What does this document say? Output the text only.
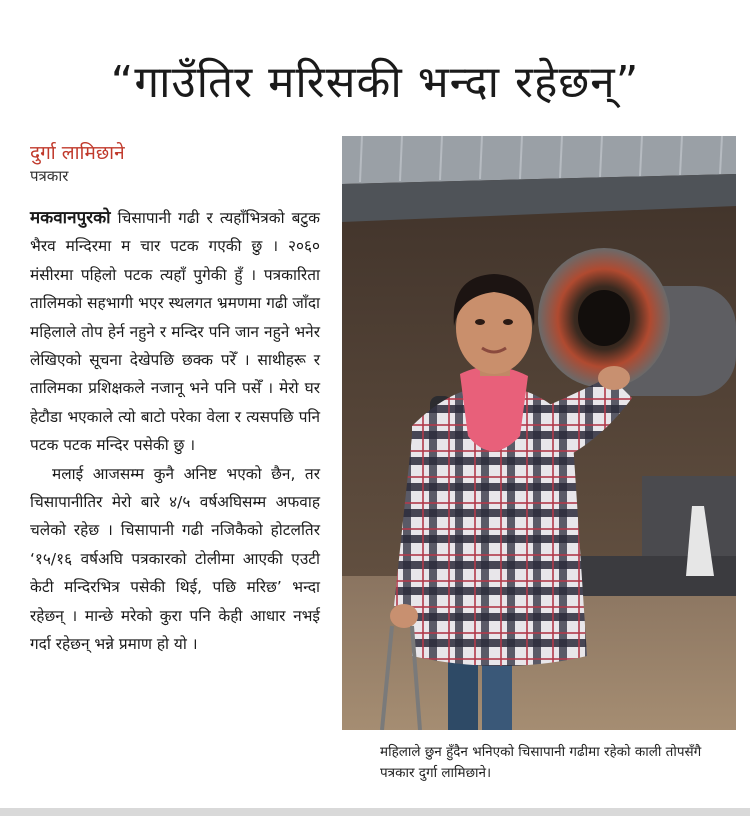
“गाउँतिर मरिसकी भन्दा रहेछन्”
दुर्गा लामिछाने
पत्रकार

मकवानपुरको चिसापानी गढी र त्यहाँभित्रको बटुक भैरव मन्दिरमा म चार पटक गएकी छु । २०६० मंसीरमा पहिलो पटक त्यहाँ पुगेकी हुँ । पत्रकारिता तालिमको सहभागी भएर स्थलगत भ्रमणमा गढी जाँदा महिलाले तोप हेर्न नहुने र मन्दिर पनि जान नहुने भनेर लेखिएको सूचना देखेपछि छक्क परेँ । साथीहरू र तालिमका प्रशिक्षकले नजानू भने पनि पसेँ । मेरो घर हेटौडा भएकाले त्यो बाटो परेका वेला र त्यसपछि पनि पटक पटक मन्दिर पसेकी छु ।

मलाई आजसम्म कुनै अनिष्ट भएको छैन, तर चिसापानीतिर मेरो बारे ४/५ वर्षअघिसम्म अफवाह चलेको रहेछ । चिसापानी गढी नजिकैको होटलतिर ‘१५/१६ वर्षअघि पत्रकारको टोलीमा आएकी एउटी केटी मन्दिरभित्र पसेकी थिई, पछि मरिछ’ भन्दा रहेछन् । मान्छे मरेको कुरा पनि केही आधार नभई गर्दा रहेछन् भन्ने प्रमाण हो यो ।

महिलाले छुन हुँदैन भनिएको चिसापानी गढीमा रहेको काली तोपसँगै पत्रकार दुर्गा लामिछाने।
